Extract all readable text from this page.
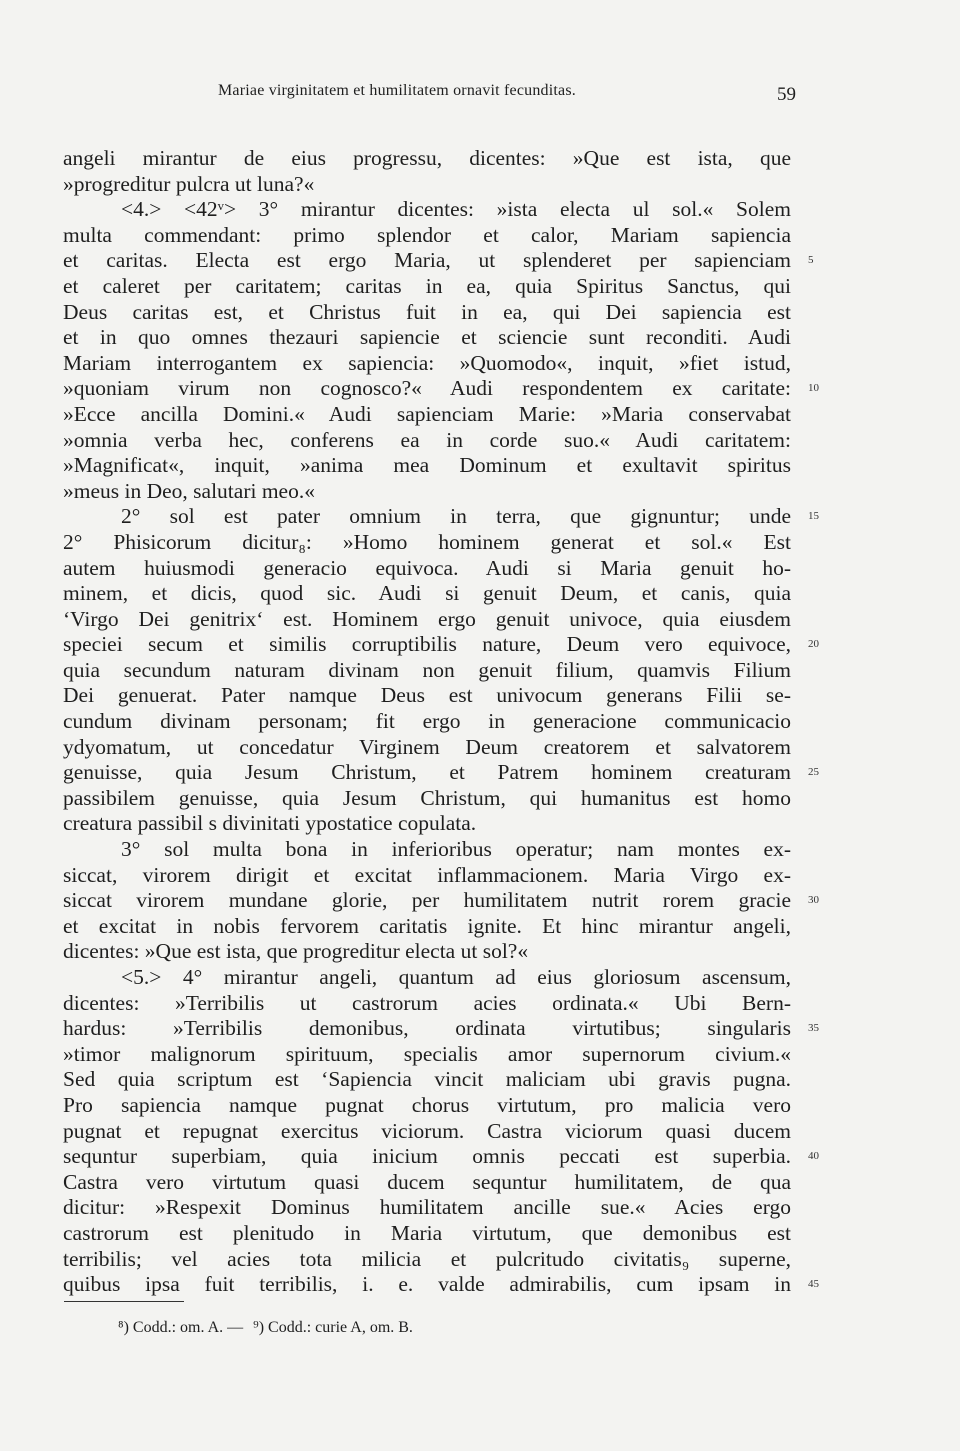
Mariae virginitatem et humilitatem ornavit fecunditas.	59
angeli mirantur de eius progressu, dicentes: »Que est ista, que
»progreditur pulcra ut luna?«
<4.> <42ᵛ> 3° mirantur dicentes: »ista electa ul sol.« Solem
multa commendant: primo splendor et calor, Mariam sapiencia
et caritas. Electa est ergo Maria, ut splenderet per sapienciam
et caleret per caritatem; caritas in ea, quia Spiritus Sanctus, qui
Deus caritas est, et Christus fuit in ea, qui Dei sapiencia est
et in quo omnes thezauri sapiencie et sciencie sunt reconditi. Audi
Mariam interrogantem ex sapiencia: »Quomodo«, inquit, »fiet istud,
»quoniam virum non cognosco?« Audi respondentem ex caritate:
»Ecce ancilla Domini.« Audi sapienciam Marie: »Maria conservabat
»omnia verba hec, conferens ea in corde suo.« Audi caritatem:
»Magnificat«, inquit, »anima mea Dominum et exultavit spiritus
»meus in Deo, salutari meo.«
2° sol est pater omnium in terra, que gignuntur; unde
2° Phisicorum dicitur₈: »Homo hominem generat et sol.« Est
autem huiusmodi generacio equivoca. Audi si Maria genuit ho-
minem, et dicis, quod sic. Audi si genuit Deum, et canis, quia
‘Virgo Dei genitrix‘ est. Hominem ergo genuit univoce, quia eiusdem
speciei secum et similis corruptibilis nature, Deum vero equivoce,
quia secundum naturam divinam non genuit filium, quamvis Filium
Dei genuerat. Pater namque Deus est univocum generans Filii se-
cundum divinam personam; fit ergo in generacione communicacio
ydyomatum, ut concedatur Virginem Deum creatorem et salvatorem
genuisse, quia Jesum Christum, et Patrem hominem creaturam
passibilem genuisse, quia Jesum Christum, qui humanitus est homo
creatura passibil s divinitati ypostatice copulata.
3° sol multa bona in inferioribus operatur; nam montes ex-
siccat, virorem dirigit et excitat inflammacionem. Maria Virgo ex-
siccat virorem mundane glorie, per humilitatem nutrit rorem gracie
et excitat in nobis fervorem caritatis ignite. Et hinc mirantur angeli,
dicentes: »Que est ista, que progreditur electa ut sol?«
<5.> 4° mirantur angeli, quantum ad eius gloriosum ascensum,
dicentes: »Terribilis ut castrorum acies ordinata.« Ubi Bern-
hardus: »Terribilis demonibus, ordinata virtutibus; singularis
»timor malignorum spirituum, specialis amor supernorum civium.«
Sed quia scriptum est ‘Sapiencia vincit maliciam ubi gravis pugna.
Pro sapiencia namque pugnat chorus virtutum, pro malicia vero
pugnat et repugnat exercitus viciorum. Castra viciorum quasi ducem
sequntur superbiam, quia inicium omnis peccati est superbia.
Castra vero virtutum quasi ducem sequntur humilitatem, de qua
dicitur: »Respexit Dominus humilitatem ancille sue.« Acies ergo
castrorum est plenitudo in Maria virtutum, que demonibus est
terribilis; vel acies tota milicia et pulcritudo civitatis₉ superne,
quibus ipsa fuit terribilis, i. e. valde admirabilis, cum ipsam in
5
10
15
20
25
30
35
40
45
⁸) Codd.: om. A. — ⁹) Codd.: curie A, om. B.
